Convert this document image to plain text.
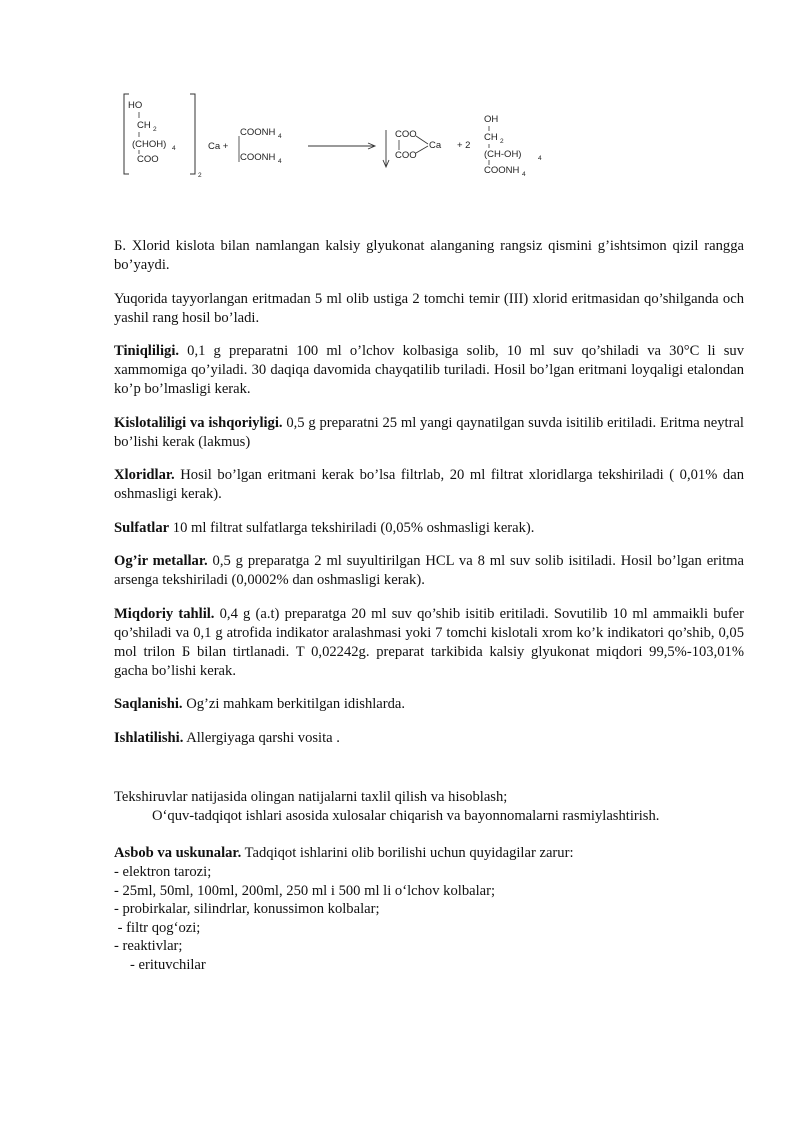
HO
CH 2
(CHOH) 4
COO
2
Ca +
COONH 4
COONH 4
COO
Ca
COO
+ 2
OH
CH 2
(CH-OH)	4
COONH 4

Б. Xlorid kislota bilan namlangan kalsiy glyukonat alanganing rangsiz qismini g’ishtsimon qizil rangga bo’yaydi.

Yuqorida tayyorlangan eritmadan 5 ml olib ustiga 2 tomchi temir (III) xlorid eritmasidan qo’shilganda och yashil rang hosil bo’ladi.

Tiniqliligi. 0,1 g preparatni 100 ml o’lchov kolbasiga solib, 10 ml suv qo’shiladi va 30°C li suv xammomiga qo’yiladi. 30 daqiqa davomida chayqatilib turiladi. Hosil bo’lgan eritmani loyqaligi etalondan ko’p bo’lmasligi kerak.

Kislotaliligi va ishqoriyligi. 0,5 g preparatni 25 ml yangi qaynatilgan suvda isitilib eritiladi. Eritma neytral bo’lishi kerak (lakmus)

Xloridlar. Hosil bo’lgan eritmani kerak bo’lsa filtrlab, 20 ml filtrat xloridlarga tekshiriladi ( 0,01% dan oshmasligi kerak).

Sulfatlar 10 ml filtrat sulfatlarga tekshiriladi (0,05% oshmasligi kerak).

Og’ir metallar. 0,5 g preparatga 2 ml suyultirilgan HCL va 8 ml suv solib isitiladi. Hosil bo’lgan eritma arsenga tekshiriladi (0,0002% dan oshmasligi kerak).

Miqdoriy tahlil. 0,4 g (a.t) preparatga 20 ml suv qo’shib isitib eritiladi. Sovutilib 10 ml ammaikli bufer qo’shiladi va 0,1 g atrofida indikator aralashmasi yoki 7 tomchi kislotali xrom ko’k indikatori qo’shib, 0,05 mol trilon Б bilan tirtlanadi. T 0,02242g. preparat tarkibida kalsiy glyukonat miqdori 99,5%-103,01% gacha bo’lishi kerak.

Saqlanishi. Og’zi mahkam berkitilgan idishlarda.

Ishlatilishi. Allergiyaga qarshi vosita .

Tekshiruvlar natijasida olingan natijalarni taxlil qilish va hisoblash;
O‘quv-tadqiqot ishlari asosida xulosalar chiqarish va bayonnomalarni rasmiylashtirish.
Asbob va uskunalar. Tadqiqot ishlarini olib borilishi uchun quyidagilar zarur:
- elektron tarozi;
- 25ml, 50ml, 100ml, 200ml, 250 ml i 500 ml li o‘lchov kolbalar;
- probirkalar, silindrlar, konussimon kolbalar;
- filtr qog‘ozi;
- reaktivlar;
- erituvchilar
